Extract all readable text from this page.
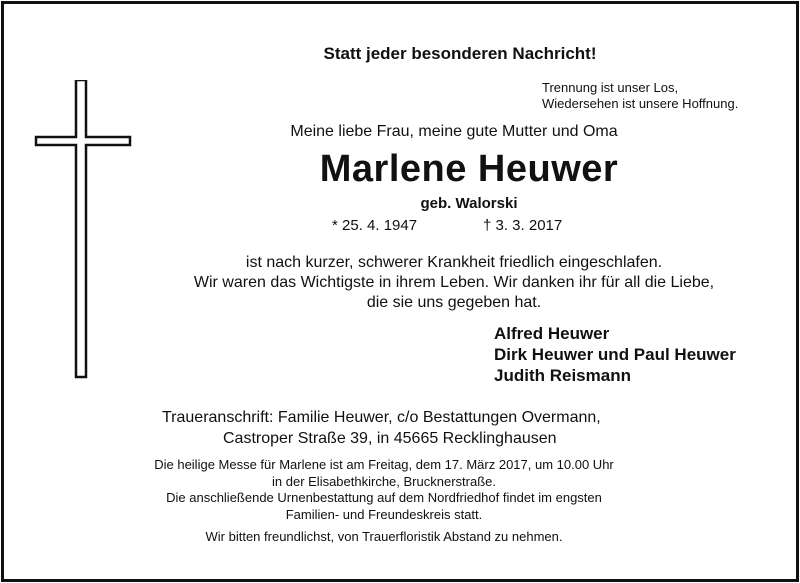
Statt jeder besonderen Nachricht!
Trennung ist unser Los,
Wiedersehen ist unsere Hoffnung.
Meine liebe Frau, meine gute Mutter und Oma
Marlene Heuwer
geb. Walorski
* 25. 4. 1947	† 3. 3. 2017
ist nach kurzer, schwerer Krankheit friedlich eingeschlafen.
Wir waren das Wichtigste in ihrem Leben. Wir danken ihr für all die Liebe,
die sie uns gegeben hat.
Alfred Heuwer
Dirk Heuwer und Paul Heuwer
Judith Reismann
Traueranschrift: Familie Heuwer, c/o Bestattungen Overmann,
Castroper Straße 39, in 45665 Recklinghausen
Die heilige Messe für Marlene ist am Freitag, dem 17. März 2017, um 10.00 Uhr
in der Elisabethkirche, Brucknerstraße.
Die anschließende Urnenbestattung auf dem Nordfriedhof findet im engsten
Familien- und Freundeskreis statt.
Wir bitten freundlichst, von Trauerfloristik Abstand zu nehmen.
